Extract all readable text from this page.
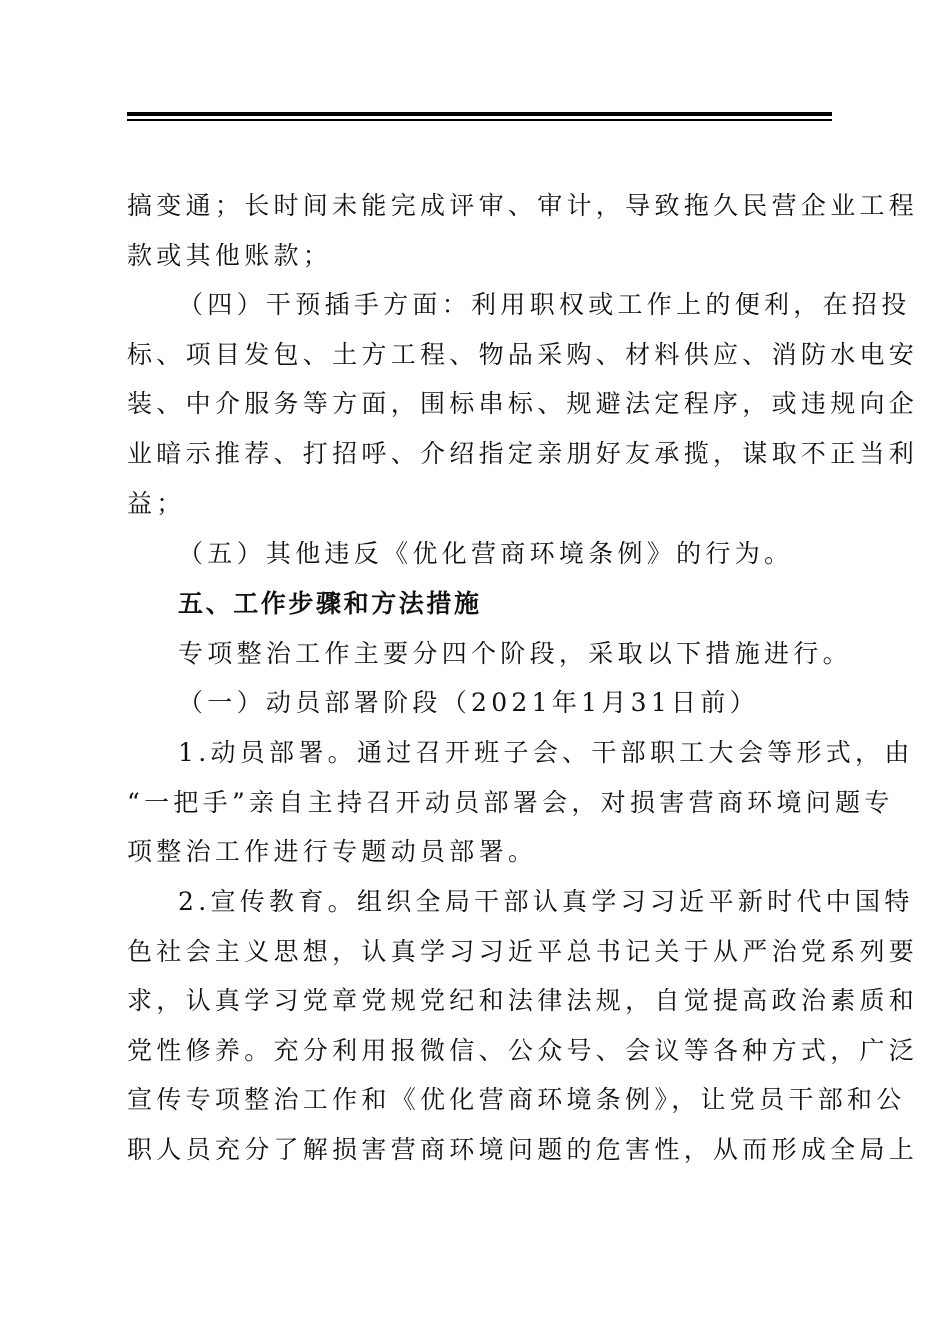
搞变通；长时间未能完成评审、审计，导致拖久民营企业工程
款或其他账款；
（四）干预插手方面：利用职权或工作上的便利，在招投
标、项目发包、土方工程、物品采购、材料供应、消防水电安
装、中介服务等方面，围标串标、规避法定程序，或违规向企
业暗示推荐、打招呼、介绍指定亲朋好友承揽，谋取不正当利
益；
（五）其他违反《优化营商环境条例》的行为。
五、工作步骤和方法措施
专项整治工作主要分四个阶段，采取以下措施进行。
（一）动员部署阶段（2021年1月31日前）
1.动员部署。通过召开班子会、干部职工大会等形式，由
“一把手”亲自主持召开动员部署会，对损害营商环境问题专
项整治工作进行专题动员部署。
2.宣传教育。组织全局干部认真学习习近平新时代中国特
色社会主义思想，认真学习习近平总书记关于从严治党系列要
求，认真学习党章党规党纪和法律法规，自觉提高政治素质和
党性修养。充分利用报微信、公众号、会议等各种方式，广泛
宣传专项整治工作和《优化营商环境条例》，让党员干部和公
职人员充分了解损害营商环境问题的危害性，从而形成全局上
